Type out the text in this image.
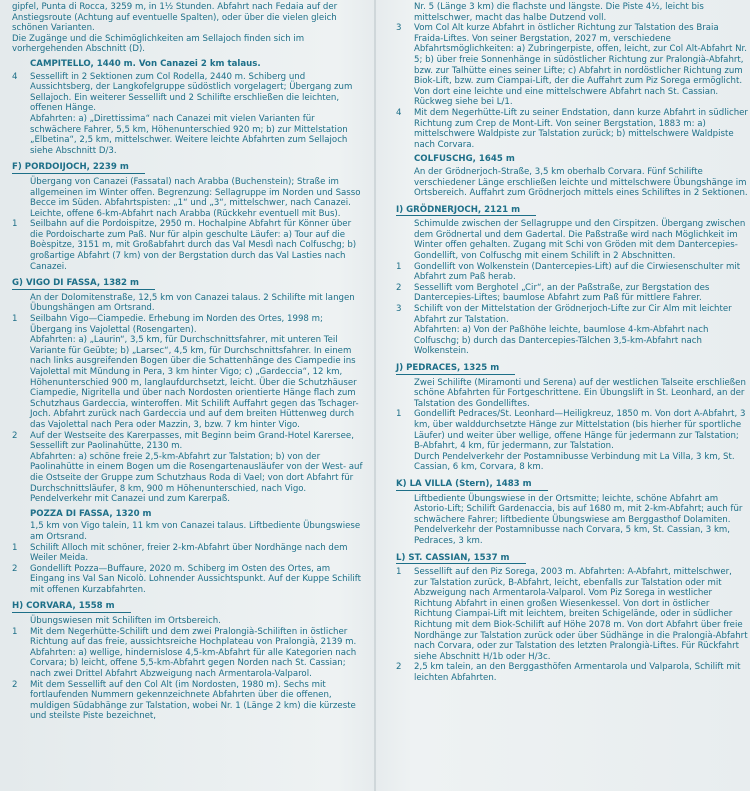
gipfel, Punta di Rocca, 3259 m, in 1½ Stunden. Abfahrt nach Fedaia auf der Anstiegsroute (Achtung auf eventuelle Spalten), oder über die vielen gleich schönen Varianten.

Die Zugänge und die Schimöglichkeiten am Sellajoch finden sich im vorhergehenden Abschnitt (D).

CAMPITELLO, 1440 m. Von Canazei 2 km talaus.

4 Sessellift in 2 Sektionen zum Col Rodella, 2440 m. Schiberg und Aussichtsberg, der Langkofelgruppe südöstlich vorgelagert; Übergang zum Sellajoch. Ein weiterer Sessellift und 2 Schilifte erschließen die leichten, offenen Hänge.

Abfahrten: a) „Direttissima“ nach Canazei mit vielen Varianten für schwächere Fahrer, 5,5 km, Höhenunterschied 920 m; b) zur Mittelstation „Elbetina“, 2,5 km, mittelschwer. Weitere leichte Abfahrten zum Sellajoch siehe Abschnitt D/3.

F) PORDOIJOCH, 2239 m

Übergang von Canazei (Fassatal) nach Arabba (Buchenstein); Straße im allgemeinen im Winter offen. Begrenzung: Sellagruppe im Norden und Sasso Becce im Süden. Abfahrtspisten: „1“ und „3“, mittelschwer, nach Canazei. Leichte, offene 6-km-Abfahrt nach Arabba (Rückkehr eventuell mit Bus).

1 Seilbahn auf die Pordoispitze, 2950 m. Hochalpine Abfahrt für Könner über die Pordoischarte zum Paß. Nur für alpin geschulte Läufer: a) Tour auf die Boèspitze, 3151 m, mit Großabfahrt durch das Val Mesdì nach Colfuschg; b) großartige Abfahrt (7 km) von der Bergstation durch das Val Lasties nach Canazei.

G) VIGO DI FASSA, 1382 m

An der Dolomitenstraße, 12,5 km von Canazei talaus. 2 Schilifte mit langen Übungshängen am Ortsrand.

1 Seilbahn Vigo—Ciampedie. Erhebung im Norden des Ortes, 1998 m; Übergang ins Vajolettal (Rosengarten).

Abfahrten: a) „Laurin“, 3,5 km, für Durchschnittsfahrer, mit unteren Teil Variante für Geübte; b) „Larsec“, 4,5 km, für Durchschnittsfahrer. In einem nach links ausgreifenden Bogen über die Schattenhänge des Ciampedie ins Vajolettal mit Mündung in Pera, 3 km hinter Vigo; c) „Gardeccia“, 12 km, Höhenunterschied 900 m, langlaufdurchsetzt, leicht. Über die Schutzhäuser Ciampedie, Nigritella und über nach Nordosten orientierte Hänge flach zum Schutzhaus Gardeccia, winteroffen. Mit Schilift Auffahrt gegen das Tschager-Joch. Abfahrt zurück nach Gardeccia und auf dem breiten Hüttenweg durch das Vajolettal nach Pera oder Mazzin, 3, bzw. 7 km hinter Vigo.

2 Auf der Westseite des Karerpasses, mit Beginn beim Grand-Hotel Karersee, Sessellift zur Paolinahütte, 2130 m.

Abfahrten: a) schöne freie 2,5-km-Abfahrt zur Talstation; b) von der Paolinahütte in einem Bogen um die Rosengartenausläufer von der West- auf die Ostseite der Gruppe zum Schutzhaus Roda di Vael; von dort Abfahrt für Durchschnittsläufer, 8 km, 900 m Höhenunterschied, nach Vigo. Pendelverkehr mit Canazei und zum Karerpaß.

POZZA DI FASSA, 1320 m

1,5 km von Vigo talein, 11 km von Canazei talaus. Liftbediente Übungswiese am Ortsrand.

1 Schilift Alloch mit schöner, freier 2-km-Abfahrt über Nordhänge nach dem Weiler Meida.

2 Gondellift Pozza—Buffaure, 2020 m. Schiberg im Osten des Ortes, am Eingang ins Val San Nicolò. Lohnender Aussichtspunkt. Auf der Kuppe Schilift mit offenen Kurzabfahrten.

H) CORVARA, 1558 m

Übungswiesen mit Schiliften im Ortsbereich.

1 Mit dem Negerhütte-Schilift und dem zwei Pralongià-Schiliften in östlicher Richtung auf das freie, aussichtsreiche Hochplateau von Pralongià, 2139 m.

Abfahrten: a) wellige, hindernislose 4,5-km-Abfahrt für alle Kategorien nach Corvara; b) leicht, offene 5,5-km-Abfahrt gegen Norden nach St. Cassian; nach zwei Drittel Abfahrt Abzweigung nach Armentarola-Valparol.

2 Mit dem Sessellift auf den Col Alt (im Nordosten, 1980 m). Sechs mit fortlaufenden Nummern gekennzeichnete Abfahrten über die offenen, muldigen Südabhänge zur Talstation, wobei Nr. 1 (Länge 2 km) die kürzeste und steilste Piste bezeichnet,

Nr. 5 (Länge 3 km) die flachste und längste. Die Piste 4½, leicht bis mittelschwer, macht das halbe Dutzend voll.

3 Vom Col Alt kurze Abfahrt in östlicher Richtung zur Talstation des Braia Fraida-Liftes. Von seiner Bergstation, 2027 m, verschiedene Abfahrtsmöglichkeiten: a) Zubringerpiste, offen, leicht, zur Col Alt-Abfahrt Nr. 5; b) über freie Sonnenhänge in südöstlicher Richtung zur Pralongià-Abfahrt, bzw. zur Talhütte eines seiner Lifte; c) Abfahrt in nordöstlicher Richtung zum Biok-Lift, bzw. zum Ciampai-Lift, der die Auffahrt zum Piz Sorega ermöglicht. Von dort eine leichte und eine mittelschwere Abfahrt nach St. Cassian. Rückweg siehe bei L/1.

4 Mit dem Negerhütte-Lift zu seiner Endstation, dann kurze Abfahrt in südlicher Richtung zum Crep de Mont-Lift. Von seiner Bergstation, 1883 m: a) mittelschwere Waldpiste zur Talstation zurück; b) mittelschwere Waldpiste nach Corvara.

COLFUSCHG, 1645 m

An der Grödnerjoch-Straße, 3,5 km oberhalb Corvara. Fünf Schilifte verschiedener Länge erschließen leichte und mittelschwere Übungshänge im Ortsbereich. Auffahrt zum Grödnerjoch mittels eines Schiliftes in 2 Sektionen.

I) GRÖDNERJOCH, 2121 m

Schimulde zwischen der Sellagruppe und den Cirspitzen. Übergang zwischen dem Grödnertal und dem Gadertal. Die Paßstraße wird nach Möglichkeit im Winter offen gehalten. Zugang mit Schi von Gröden mit dem Dantercepies-Gondellift, von Colfuschg mit einem Schilift in 2 Abschnitten.

1 Gondellift von Wolkenstein (Dantercepies-Lift) auf die Cirwiesenschulter mit Abfahrt zum Paß herab.

2 Sessellift vom Berghotel „Cir“, an der Paßstraße, zur Bergstation des Dantercepies-Liftes; baumlose Abfahrt zum Paß für mittlere Fahrer.

3 Schilift von der Mittelstation der Grödnerjoch-Lifte zur Cir Alm mit leichter Abfahrt zur Talstation.

Abfahrten: a) Von der Paßhöhe leichte, baumlose 4-km-Abfahrt nach Colfuschg; b) durch das Dantercepies-Tälchen 3,5-km-Abfahrt nach Wolkenstein.

J) PEDRACES, 1325 m

Zwei Schilifte (Miramonti und Serena) auf der westlichen Talseite erschließen schöne Abfahrten für Fortgeschrittene. Ein Übungslift in St. Leonhard, an der Talstation des Gondelliftes.

1 Gondellift Pedraces/St. Leonhard—Heiligkreuz, 1850 m. Von dort A-Abfahrt, 3 km, über walddurchsetzte Hänge zur Mittelstation (bis hierher für sportliche Läufer) und weiter über wellige, offene Hänge für jedermann zur Talstation; B-Abfahrt, 4 km, für jedermann, zur Talstation.

Durch Pendelverkehr der Postamnibusse Verbindung mit La Villa, 3 km, St. Cassian, 6 km, Corvara, 8 km.

K) LA VILLA (Stern), 1483 m

Liftbediente Übungswiese in der Ortsmitte; leichte, schöne Abfahrt am Astorio-Lift; Schilift Gardenaccia, bis auf 1680 m, mit 2-km-Abfahrt; auch für schwächere Fahrer; liftbediente Übungswiese am Berggasthof Dolamiten. Pendelverkehr der Postamnibusse nach Corvara, 5 km, St. Cassian, 3 km, Pedraces, 3 km.

L) ST. CASSIAN, 1537 m
1 Sessellift auf den Piz Sorega, 2003 m. Abfahrten: A-Abfahrt, mittelschwer, zur Talstation zurück, B-Abfahrt, leicht, ebenfalls zur Talstation oder mit Abzweigung nach Armentarola-Valparol. Vom Piz Sorega in westlicher Richtung Abfahrt in einen großen Wiesenkessel. Von dort in östlicher Richtung Ciampai-Lift mit leichtem, breiten Schigelände, oder in südlicher Richtung mit dem Biok-Schilift auf Höhe 2078 m. Von dort Abfahrt über freie Nordhänge zur Talstation zurück oder über Südhänge in die Pralongià-Abfahrt nach Corvara, oder zur Talstation des letzten Pralongià-Liftes. Für Rückfahrt siehe Abschnitt H/1b oder H/3c.

2 2,5 km talein, an den Berggasthöfen Armentarola und Valparola, Schilift mit leichten Abfahrten.
